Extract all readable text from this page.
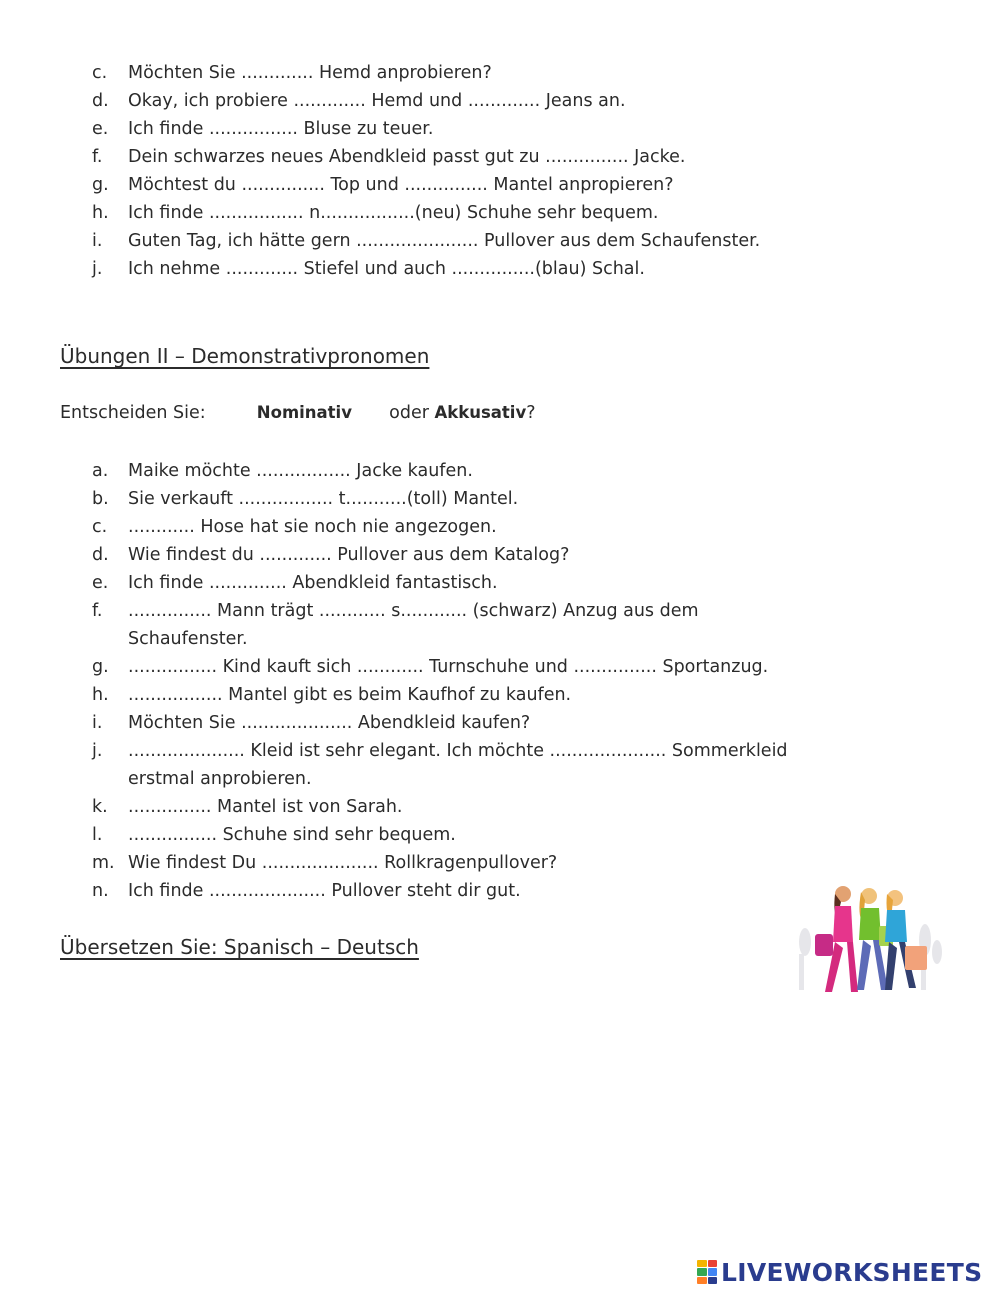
c.	Möchten Sie ............. Hemd anprobieren?
d.	Okay, ich probiere ............. Hemd und ............. Jeans an.
e.	Ich finde ................ Bluse zu teuer.
f.	Dein schwarzes neues Abendkleid passt gut zu ............... Jacke.
g.	Möchtest du ............... Top und ............... Mantel anpropieren?
h.	Ich finde ................. n.................(neu) Schuhe sehr bequem.
i.	Guten Tag, ich hätte gern ...................... Pullover aus dem Schaufenster.
j.	Ich nehme ............. Stiefel und auch ...............(blau) Schal.
Übungen II – Demonstrativpronomen
Entscheiden Sie:	Nominativ oder Akkusativ?
a.	Maike möchte ................. Jacke kaufen.
b.	Sie verkauft ................. t...........(toll) Mantel.
c.	............ Hose hat sie noch nie angezogen.
d.	Wie findest du ............. Pullover aus dem Katalog?
e.	Ich finde .............. Abendkleid fantastisch.
f.	............... Mann trägt ............ s............ (schwarz) Anzug aus dem Schaufenster.
g.	................ Kind kauft sich ............ Turnschuhe und ............... Sportanzug.
h.	................. Mantel gibt es beim Kaufhof zu kaufen.
i.	Möchten Sie .................... Abendkleid kaufen?
j.	..................... Kleid ist sehr elegant. Ich möchte ..................... Sommerkleid erstmal anprobieren.
k.	............... Mantel ist von Sarah.
l.	................ Schuhe sind sehr bequem.
m. Wie findest Du ..................... Rollkragenpullover?
n.	Ich finde ..................... Pullover steht dir gut.
Übersetzen Sie: Spanisch – Deutsch
LIVEWORKSHEETS
